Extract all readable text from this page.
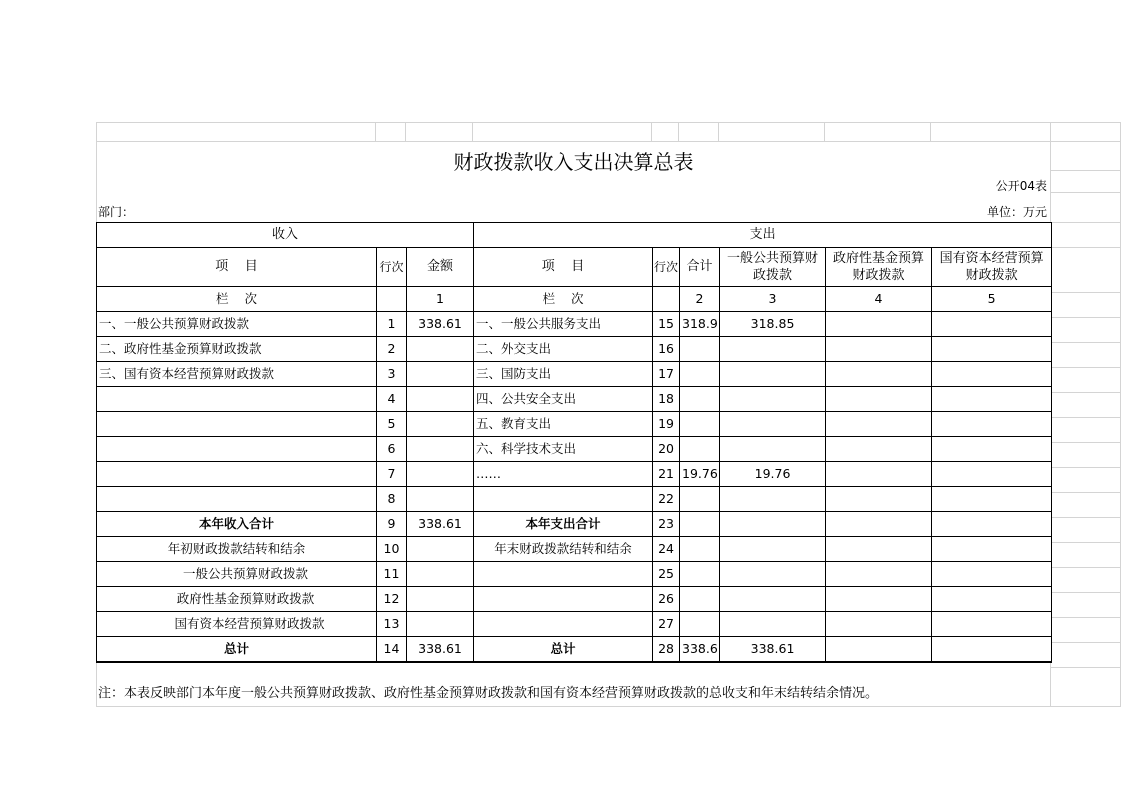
财政拨款收入支出决算总表
公开04表
部门：	单位：万元
收入			支出					
项    目	行次	金额	项    目	行次	合计	一般公共预算财政拨款	政府性基金预算财政拨款	国有资本经营预算财政拨款
栏    次		1	栏    次		2	3	4	5
一、一般公共预算财政拨款	1	338.61	一、一般公共服务支出	15	318.9	318.85		
二、政府性基金预算财政拨款	2		二、外交支出	16				
三、国有资本经营预算财政拨款	3		三、国防支出	17				
	4		四、公共安全支出	18				
	5		五、教育支出	19				
	6		六、科学技术支出	20				
	7		……	21	19.76	19.76		
	8			22				
本年收入合计	9	338.61	本年支出合计	23				
年初财政拨款结转和结余	10		年末财政拨款结转和结余	24				
一般公共预算财政拨款	11			25				
政府性基金预算财政拨款	12			26				
国有资本经营预算财政拨款	13			27				
总计	14	338.61	总计	28	338.6	338.61		
注：本表反映部门本年度一般公共预算财政拨款、政府性基金预算财政拨款和国有资本经营预算财政拨款的总收支和年末结转结余情况。
